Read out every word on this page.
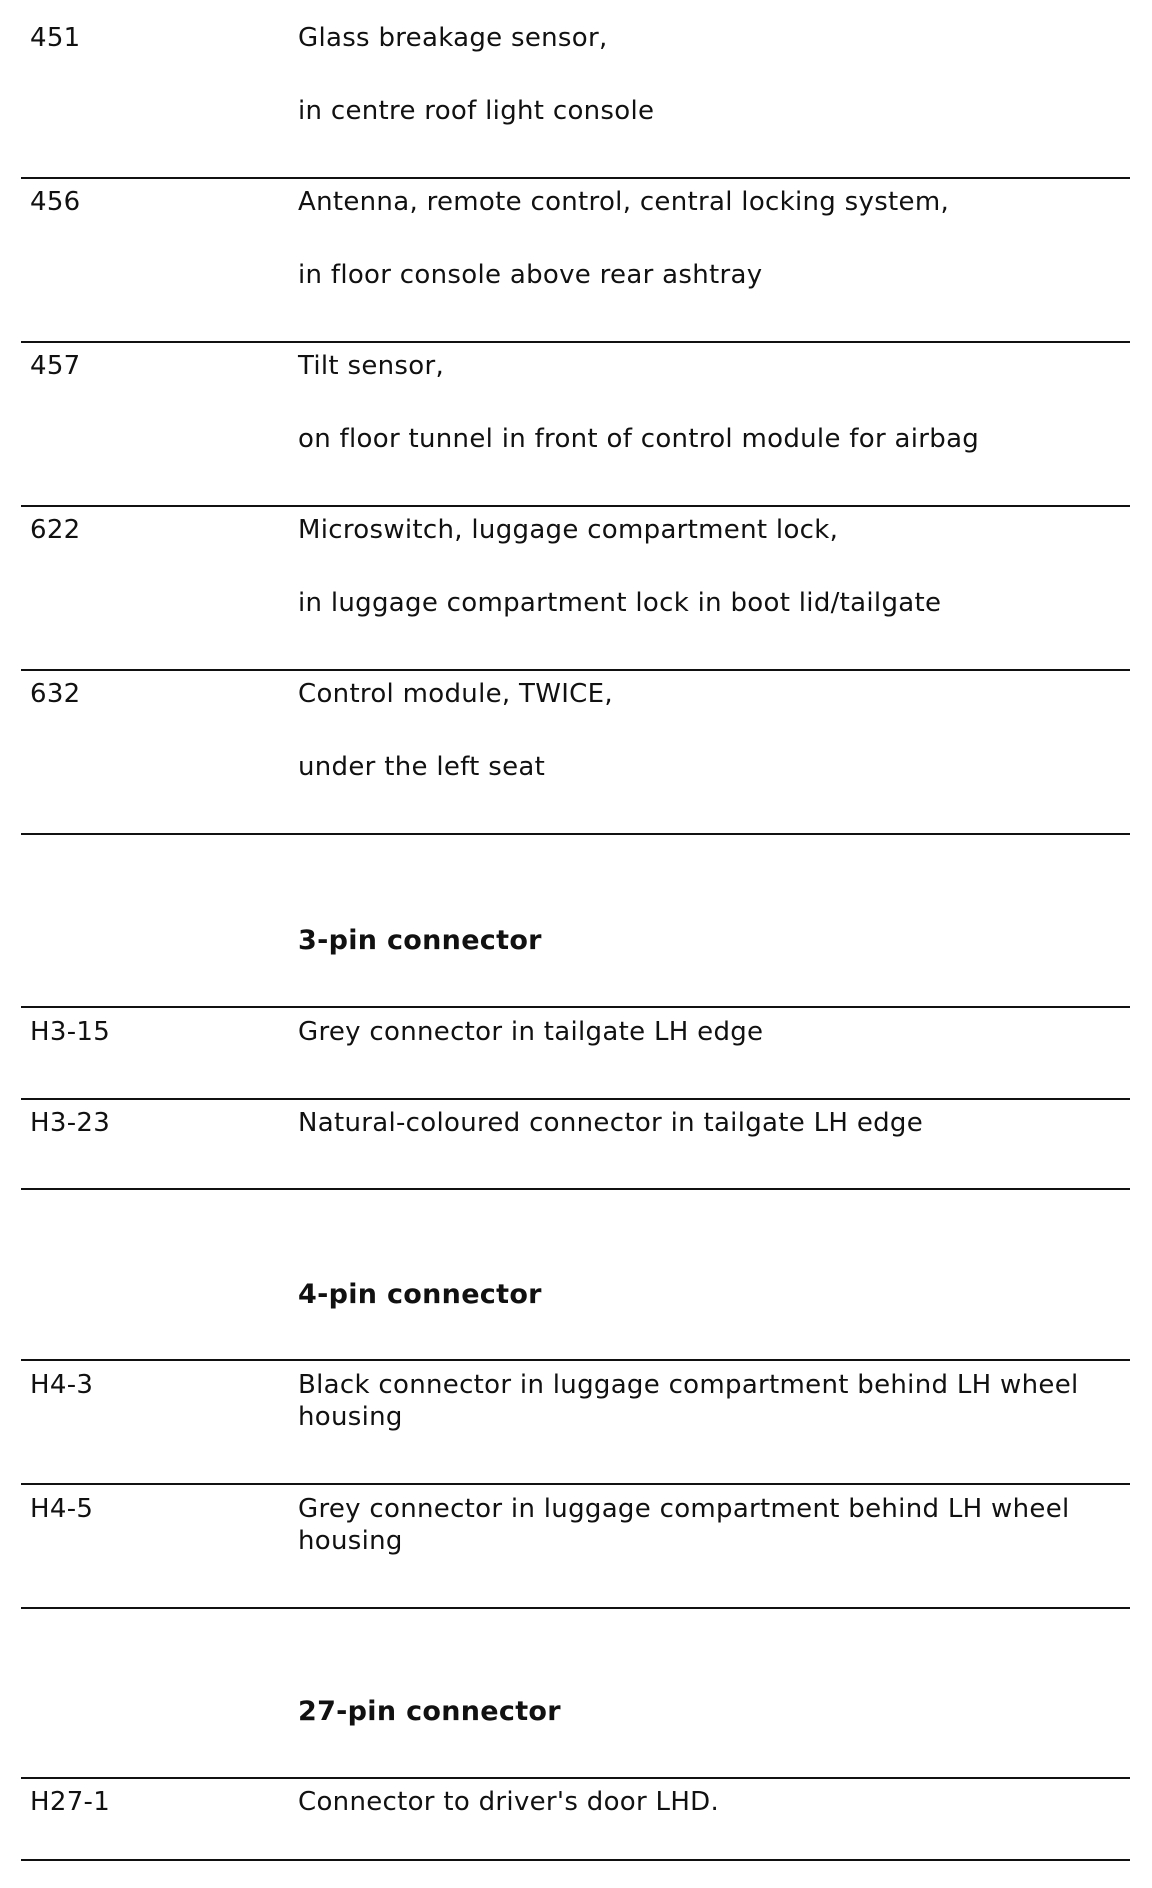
451	Glass breakage sensor,
in centre roof light console
456	Antenna, remote control, central locking system,
in floor console above rear ashtray
457	Tilt sensor,
on floor tunnel in front of control module for airbag
622	Microswitch, luggage compartment lock,
in luggage compartment lock in boot lid/tailgate
632	Control module, TWICE,
under the left seat
3-pin connector
H3-15	Grey connector in tailgate LH edge
H3-23	Natural-coloured connector in tailgate LH edge
4-pin connector
H4-3	Black connector in luggage compartment behind LH wheel
housing
H4-5	Grey connector in luggage compartment behind LH wheel
housing
27-pin connector
H27-1	Connector to driver's door LHD.
